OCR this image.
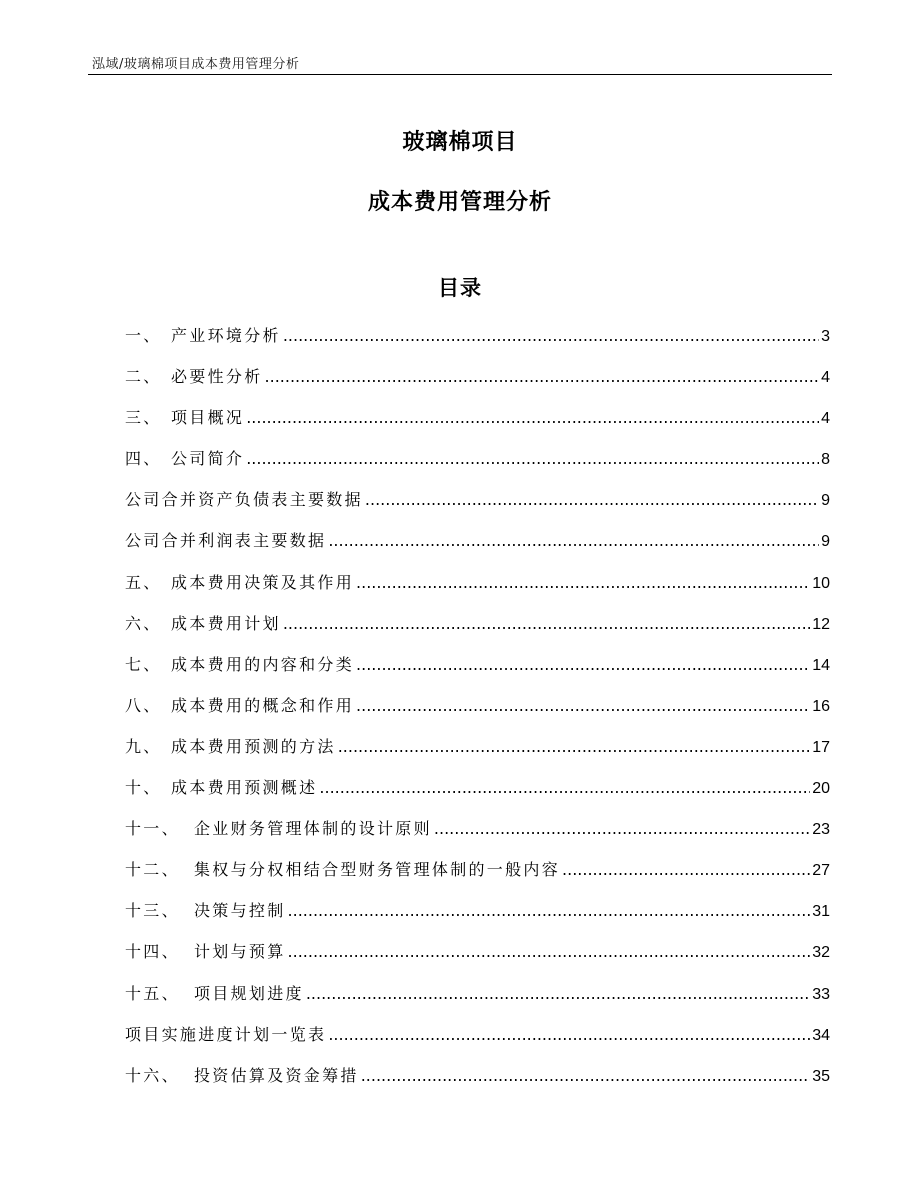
泓域/玻璃棉项目成本费用管理分析
玻璃棉项目
成本费用管理分析
目录
一、 产业环境分析 .....	3
二、 必要性分析 .....	4
三、 项目概况 .....	4
四、 公司简介 .....	8
公司合并资产负债表主要数据 .....	9
公司合并利润表主要数据 .....	9
五、 成本费用决策及其作用 .....	10
六、 成本费用计划 .....	12
七、 成本费用的内容和分类 .....	14
八、 成本费用的概念和作用 .....	16
九、 成本费用预测的方法 .....	17
十、 成本费用预测概述 .....	20
十一、 企业财务管理体制的设计原则 .....	23
十二、 集权与分权相结合型财务管理体制的一般内容 .....	27
十三、 决策与控制 .....	31
十四、 计划与预算 .....	32
十五、 项目规划进度 .....	33
项目实施进度计划一览表 .....	34
十六、 投资估算及资金筹措 .....	35
